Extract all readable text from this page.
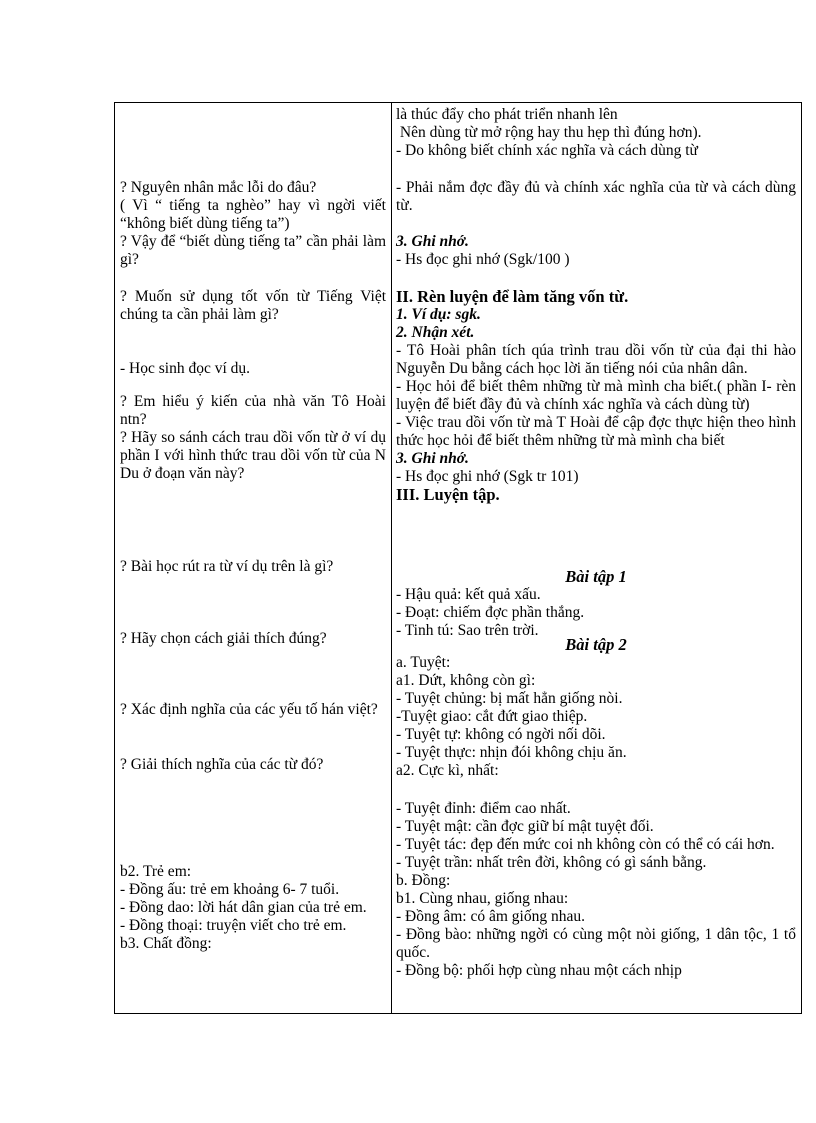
? Nguyên nhân mắc lỗi do đâu?

( Vì “ tiếng ta nghèo” hay vì ngời viết “không biết dùng tiếng ta”)

? Vậy để “biết dùng tiếng ta” cần phải làm gì?

? Muốn sử dụng tốt vốn từ Tiếng Việt chúng ta cần phải làm gì?
- Học sinh đọc ví dụ.

? Em hiểu ý kiến của nhà văn Tô Hoài ntn?

? Hãy so sánh cách trau dồi vốn từ ở ví dụ phần I với hình thức trau dồi vốn từ của N Du ở đoạn văn này?

? Bài học rút ra từ ví dụ trên là gì?
? Hãy chọn cách giải thích đúng?
? Xác định nghĩa của các yếu tố hán việt?
? Giải thích nghĩa của các từ đó?

b2. Trẻ em:

- Đồng ấu: trẻ em khoảng 6- 7 tuổi.

- Đồng dao: lời hát dân gian của trẻ em.

- Đồng thoại: truyện viết cho trẻ em.

b3. Chất đồng:

là thúc đẩy cho phát triển nhanh lên

Nên dùng từ mở rộng hay thu hẹp thì đúng hơn).

- Do không biết chính xác nghĩa và cách dùng từ

- Phải nắm đợc đầy đủ và chính xác nghĩa của từ và cách dùng từ.

3. Ghi nhớ.

- Hs đọc ghi nhớ (Sgk/100 )

II. Rèn luyện để làm tăng vốn từ.

1. Ví dụ: sgk.

2. Nhận xét.

- Tô Hoài phân tích qúa trình trau dồi vốn từ của đại thi hào Nguyễn Du bằng cách học lời ăn tiếng nói của nhân dân.

- Học hỏi để biết thêm những từ mà mình cha biết.( phần I- rèn luyện để biết đầy đủ và chính xác nghĩa và cách dùng từ)

- Việc trau dồi vốn từ mà T Hoài để cập đợc thực hiện theo hình thức học hỏi để biết thêm những từ mà mình cha biết

3. Ghi nhớ.

- Hs đọc ghi nhớ (Sgk tr 101)

III. Luyện tập.

Bài tập 1

- Hậu quả: kết quả xấu.

- Đoạt: chiếm đợc phần thắng.

- Tinh tú: Sao trên trời.

Bài tập 2

a. Tuyệt:

a1. Dứt, không còn gì:

- Tuyệt chủng: bị mất hẳn giống nòi.

-Tuyệt giao: cắt đứt giao thiệp.

- Tuyệt tự: không có ngời nối dõi.

- Tuyệt thực: nhịn đói không chịu ăn.

a2. Cực kì, nhất:

- Tuyệt đỉnh: điểm cao nhất.

- Tuyệt mật: cần đợc giữ bí mật tuyệt đối.

- Tuyệt tác: đẹp đến mức coi nh không còn có thể có cái hơn.

- Tuyệt trần: nhất trên đời, không có gì sánh bằng.

b. Đồng:

b1. Cùng nhau, giống nhau:

- Đồng âm: có âm giống nhau.

- Đồng bào: những ngời có cùng một nòi giống, 1 dân tộc, 1 tổ quốc.

- Đồng bộ: phối hợp cùng nhau một cách nhịp
